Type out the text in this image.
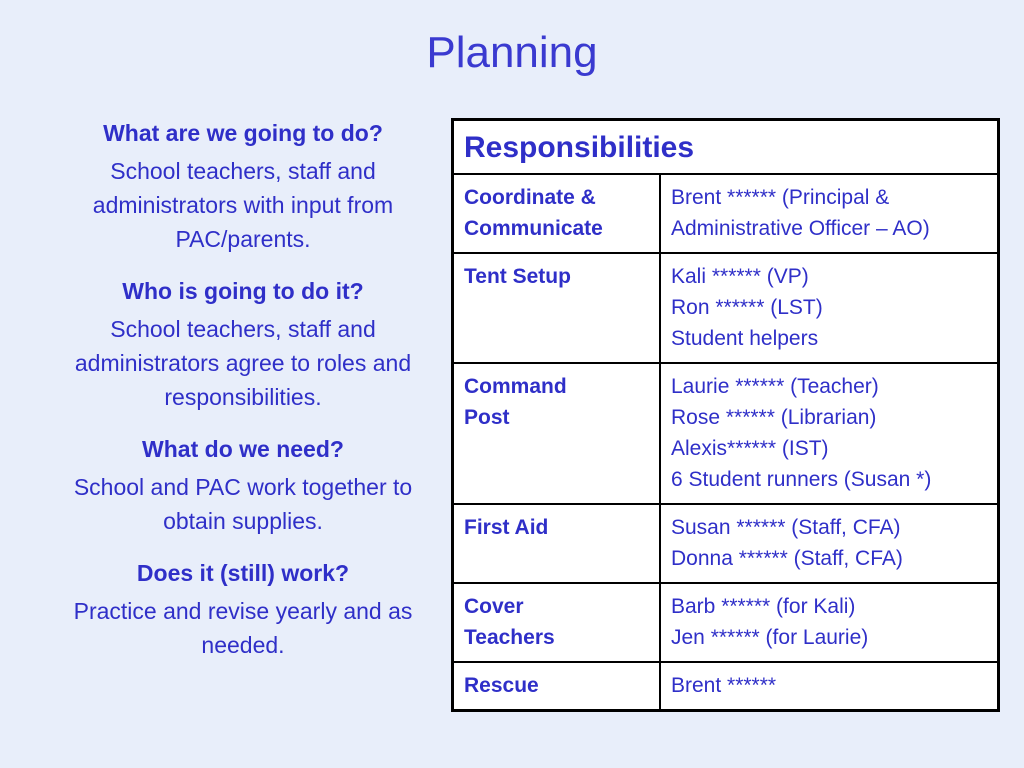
Planning
What are we going to do?
School teachers, staff and administrators with input from PAC/parents.
Who is going to do it?
School teachers, staff and administrators agree to roles and responsibilities.
What do we need?
School and PAC work together to obtain supplies.
Does it (still) work?
Practice and revise yearly and as needed.
Responsibilities	

Coordinate &
Communicate	Brent ****** (Principal &
Administrative Officer – AO)

Tent Setup	Kali ****** (VP)
Ron ****** (LST)
Student helpers

Command
Post	Laurie ****** (Teacher)
Rose ****** (Librarian)
Alexis****** (IST)
6 Student runners (Susan *)

First Aid	Susan ****** (Staff, CFA)
Donna ****** (Staff, CFA)

Cover
Teachers	Barb ****** (for Kali)
Jen ****** (for Laurie)

Rescue	Brent ******
